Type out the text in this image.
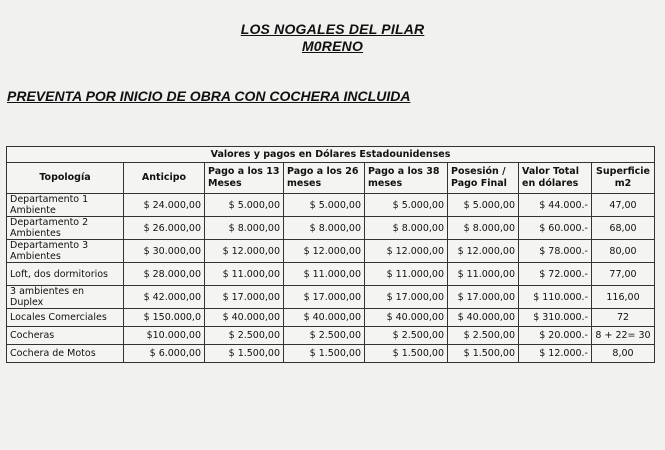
LOS NOGALES DEL PILAR
M0RENO
PREVENTA POR INICIO DE OBRA CON COCHERA INCLUIDA
Valores y pagos en Dólares Estadounidenses							
Topología	Anticipo	Pago a los 13 Meses	Pago a los 26 meses	Pago a los 38 meses	Posesión / Pago Final	Valor Total en dólares	Superficie m2
Departamento 1 Ambiente	$ 24.000,00	$ 5.000,00	$ 5.000,00	$ 5.000,00	$ 5.000,00	$ 44.000.-	47,00
Departamento 2 Ambientes	$ 26.000,00	$ 8.000,00	$ 8.000,00	$ 8.000,00	$ 8.000,00	$ 60.000.-	68,00
Departamento 3 Ambientes	$ 30.000,00	$ 12.000,00	$ 12.000,00	$ 12.000,00	$ 12.000,00	$ 78.000.-	80,00
Loft, dos dormitorios	$ 28.000,00	$ 11.000,00	$ 11.000,00	$ 11.000,00	$ 11.000,00	$ 72.000.-	77,00
3 ambientes en Duplex	$ 42.000,00	$ 17.000,00	$ 17.000,00	$ 17.000,00	$ 17.000,00	$ 110.000.-	116,00
Locales Comerciales	$ 150.000,0	$ 40.000,00	$ 40.000,00	$ 40.000,00	$ 40.000,00	$ 310.000.-	72
Cocheras	$10.000,00	$ 2.500,00	$ 2.500,00	$ 2.500,00	$ 2.500,00	$ 20.000.-	8 + 22= 30
Cochera de Motos	$ 6.000,00	$ 1.500,00	$ 1.500,00	$ 1.500,00	$ 1.500,00	$ 12.000.-	8,00
